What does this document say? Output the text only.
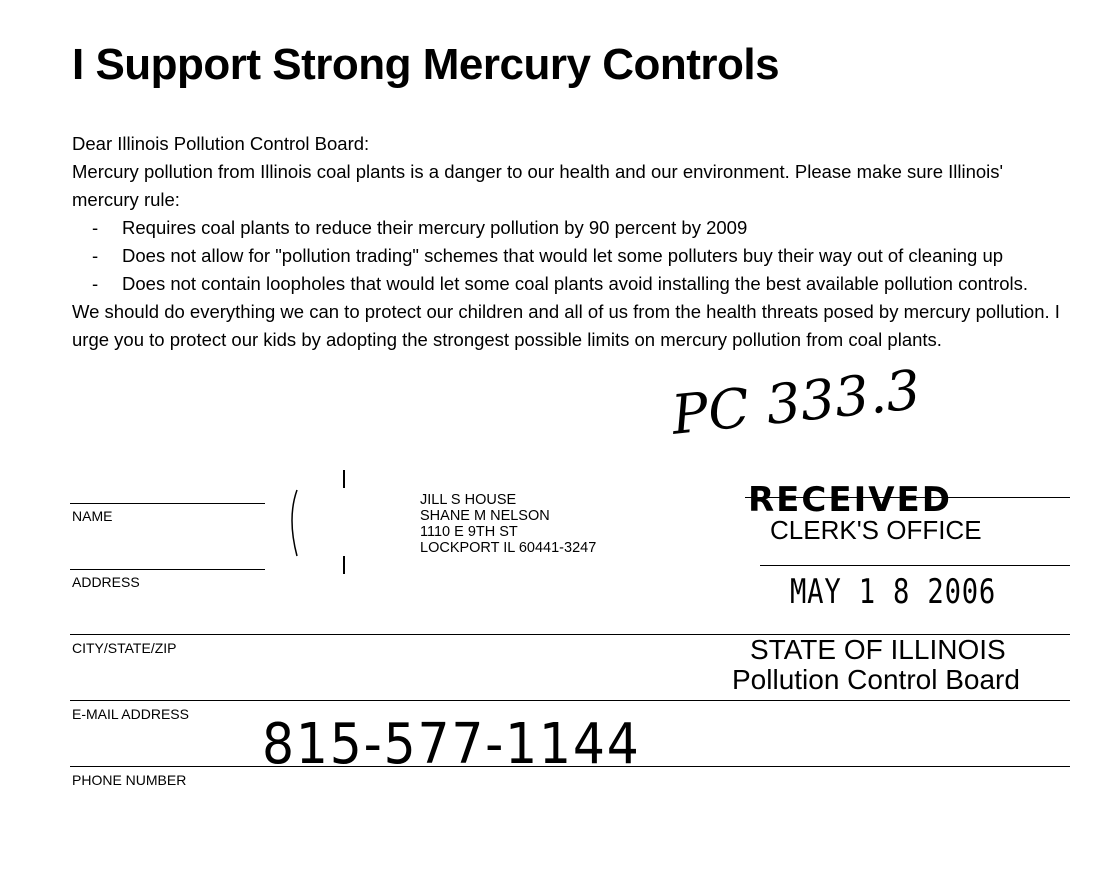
I Support Strong Mercury Controls

Dear Illinois Pollution Control Board:

Mercury pollution from Illinois coal plants is a danger to our health and our environment. Please make sure Illinois' mercury rule:

- Requires coal plants to reduce their mercury pollution by 90 percent by 2009
- Does not allow for "pollution trading" schemes that would let some polluters buy their way out of cleaning up
- Does not contain loopholes that would let some coal plants avoid installing the best available pollution controls.

We should do everything we can to protect our children and all of us from the health threats posed by mercury pollution. I urge you to protect our kids by adopting the strongest possible limits on mercury pollution from coal plants.

PC 333.3
NAME
ADDRESS
CITY/STATE/ZIP
E-MAIL ADDRESS
PHONE NUMBER
JILL S HOUSE
SHANE M NELSON
1110 E 9TH ST
LOCKPORT IL 60441-3247
RECEIVED
CLERK'S OFFICE
MAY 1 8 2006
STATE OF ILLINOIS
Pollution Control Board
815-577-1144
